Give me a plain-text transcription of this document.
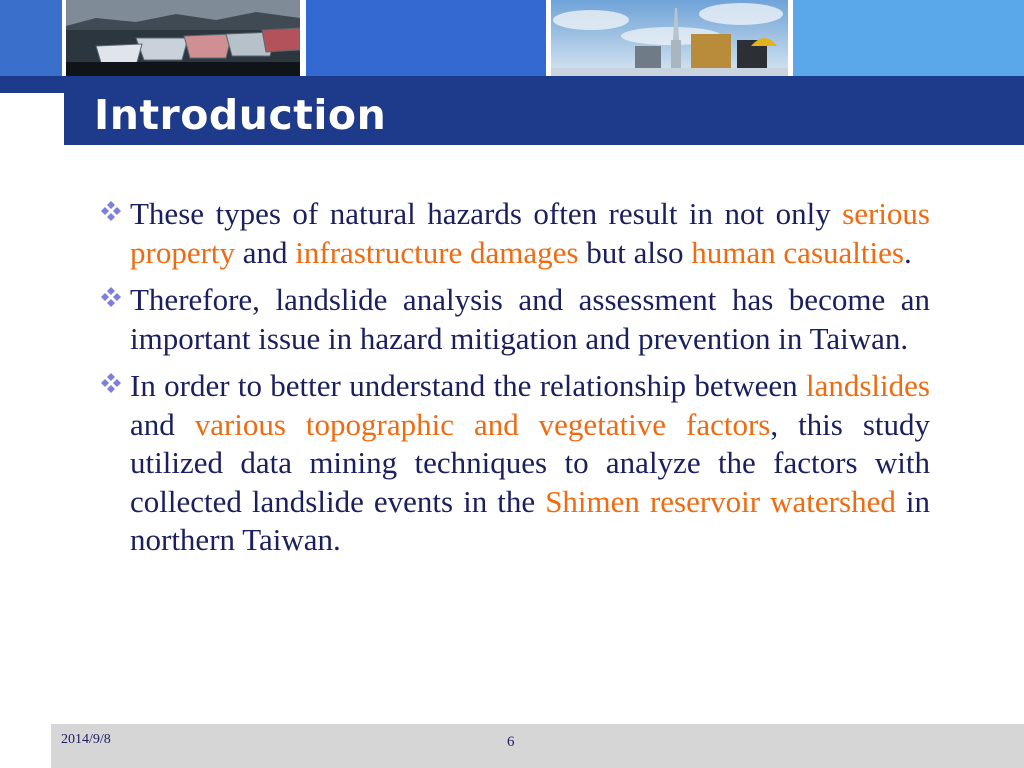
Introduction
These types of natural hazards often result in not only serious property and infrastructure damages but also human casualties.
Therefore, landslide analysis and assessment has become an important issue in hazard mitigation and prevention in Taiwan.
In order to better understand the relationship between landslides and various topographic and vegetative factors, this study utilized data mining techniques to analyze the factors with collected landslide events in the Shimen reservoir watershed in northern Taiwan.
2014/9/8	6
